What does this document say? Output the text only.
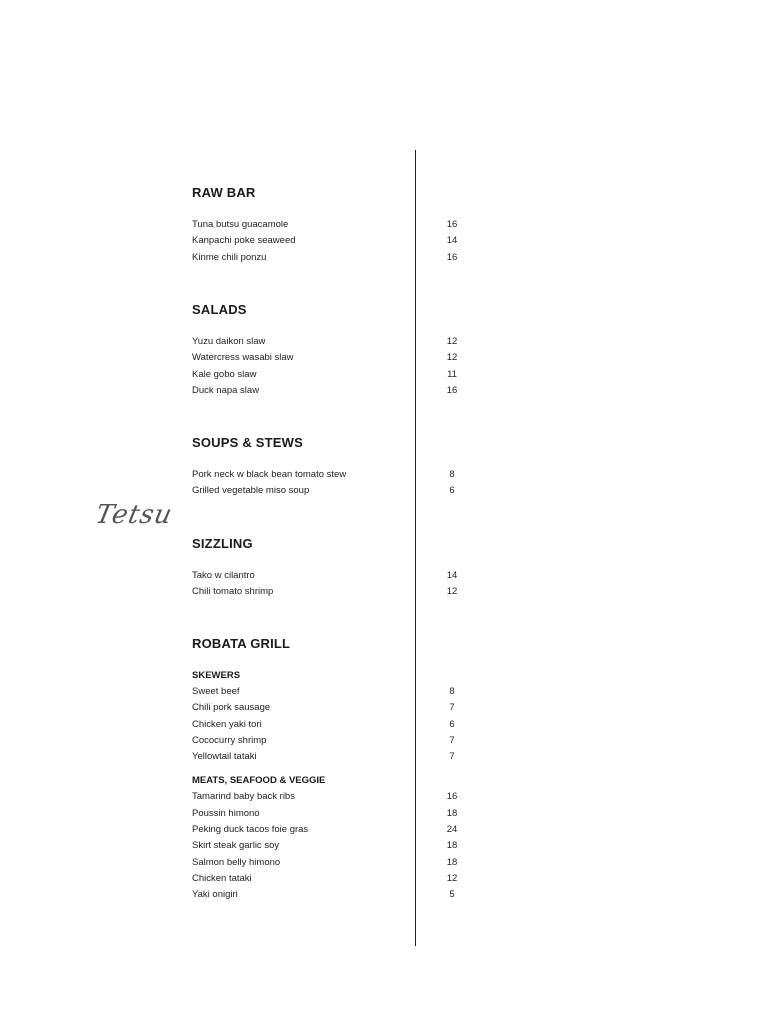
Tetsu
RAW BAR
Tuna butsu guacamole	16
Kanpachi poke seaweed	14
Kinme chili ponzu	16
SALADS
Yuzu daikon slaw	12
Watercress wasabi slaw	12
Kale gobo slaw	11
Duck napa slaw	16
SOUPS & STEWS
Pork neck w black bean tomato stew	8
Grilled vegetable miso soup	6
SIZZLING
Tako w cilantro	14
Chili tomato shrimp	12
ROBATA GRILL
SKEWERS
Sweet beef	8
Chili pork sausage	7
Chicken yaki tori	6
Cococurry shrimp	7
Yellowtail tataki	7
MEATS, SEAFOOD & VEGGIE
Tamarind baby back ribs	16
Poussin himono	18
Peking duck tacos foie gras	24
Skirt steak garlic soy	18
Salmon belly himono	18
Chicken tataki	12
Yaki onigiri	5
